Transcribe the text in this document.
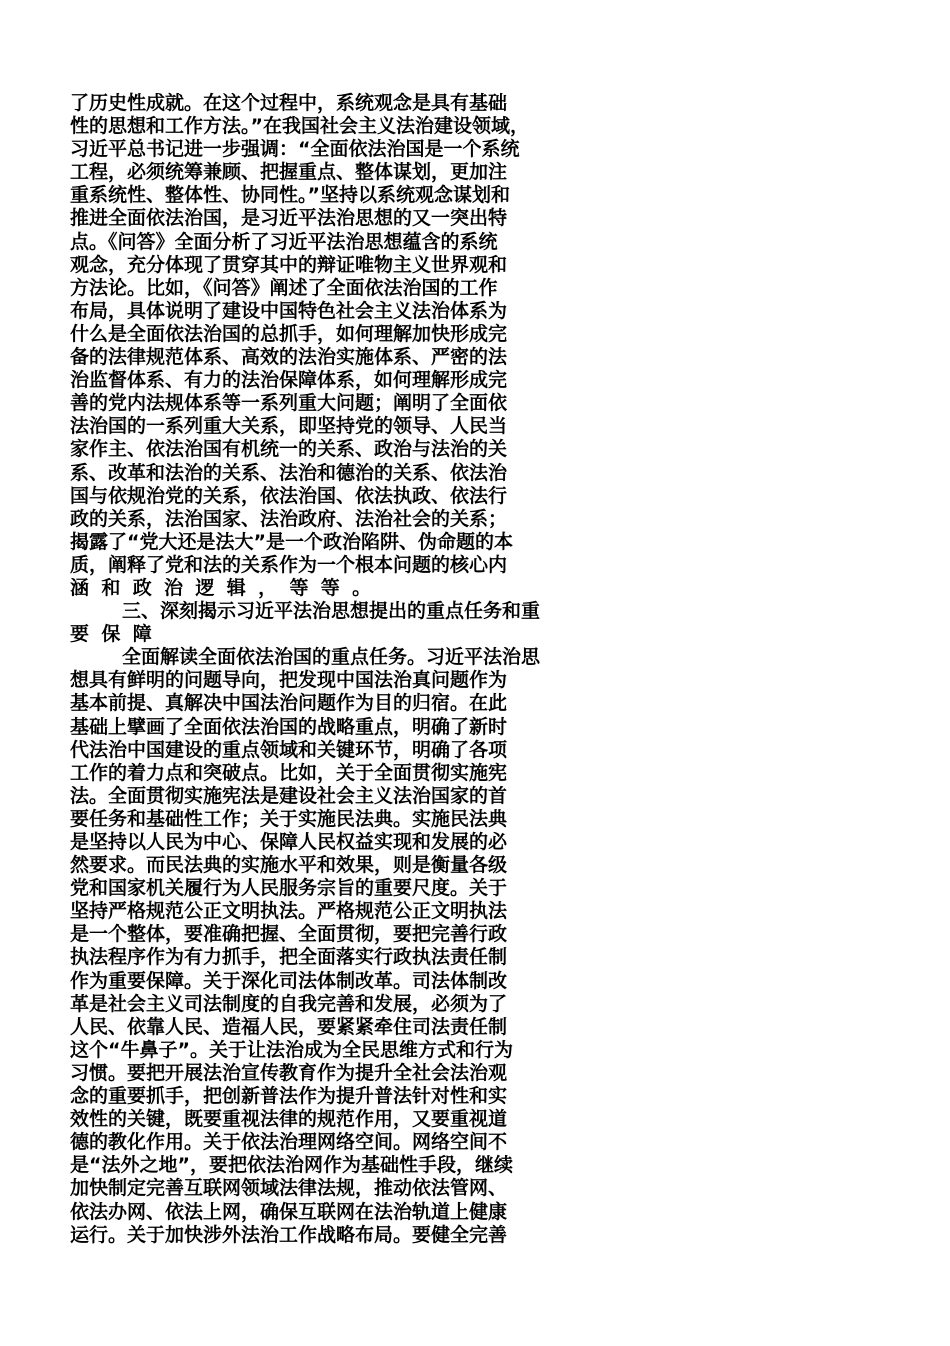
了历史性成就。在这个过程中，系统观念是具有基础
性的思想和工作方法。”在我国社会主义法治建设领域，
习近平总书记进一步强调：“全面依法治国是一个系统
工程，必须统筹兼顾、把握重点、整体谋划，更加注
重系统性、整体性、协同性。”坚持以系统观念谋划和
推进全面依法治国，是习近平法治思想的又一突出特
点。《问答》全面分析了习近平法治思想蕴含的系统
观念，充分体现了贯穿其中的辩证唯物主义世界观和
方法论。比如，《问答》阐述了全面依法治国的工作
布局，具体说明了建设中国特色社会主义法治体系为
什么是全面依法治国的总抓手，如何理解加快形成完
备的法律规范体系、高效的法治实施体系、严密的法
治监督体系、有力的法治保障体系，如何理解形成完
善的党内法规体系等一系列重大问题；阐明了全面依
法治国的一系列重大关系，即坚持党的领导、人民当
家作主、依法治国有机统一的关系、政治与法治的关
系、改革和法治的关系、法治和德治的关系、依法治
国与依规治党的关系，依法治国、依法执政、依法行
政的关系，法治国家、法治政府、法治社会的关系；
揭露了“党大还是法大”是一个政治陷阱、伪命题的本
质，阐释了党和法的关系作为一个根本问题的核心内
涵和政治逻辑，等等。
三、深刻揭示习近平法治思想提出的重点任务和重
要保障
全面解读全面依法治国的重点任务。习近平法治思
想具有鲜明的问题导向，把发现中国法治真问题作为
基本前提、真解决中国法治问题作为目的归宿。在此
基础上擘画了全面依法治国的战略重点，明确了新时
代法治中国建设的重点领域和关键环节，明确了各项
工作的着力点和突破点。比如，关于全面贯彻实施宪
法。全面贯彻实施宪法是建设社会主义法治国家的首
要任务和基础性工作；关于实施民法典。实施民法典
是坚持以人民为中心、保障人民权益实现和发展的必
然要求。而民法典的实施水平和效果，则是衡量各级
党和国家机关履行为人民服务宗旨的重要尺度。关于
坚持严格规范公正文明执法。严格规范公正文明执法
是一个整体，要准确把握、全面贯彻，要把完善行政
执法程序作为有力抓手，把全面落实行政执法责任制
作为重要保障。关于深化司法体制改革。司法体制改
革是社会主义司法制度的自我完善和发展，必须为了
人民、依靠人民、造福人民，要紧紧牵住司法责任制
这个“牛鼻子”。关于让法治成为全民思维方式和行为
习惯。要把开展法治宣传教育作为提升全社会法治观
念的重要抓手，把创新普法作为提升普法针对性和实
效性的关键，既要重视法律的规范作用，又要重视道
德的教化作用。关于依法治理网络空间。网络空间不
是“法外之地”，要把依法治网作为基础性手段，继续
加快制定完善互联网领域法律法规，推动依法管网、
依法办网、依法上网，确保互联网在法治轨道上健康
运行。关于加快涉外法治工作战略布局。要健全完善
